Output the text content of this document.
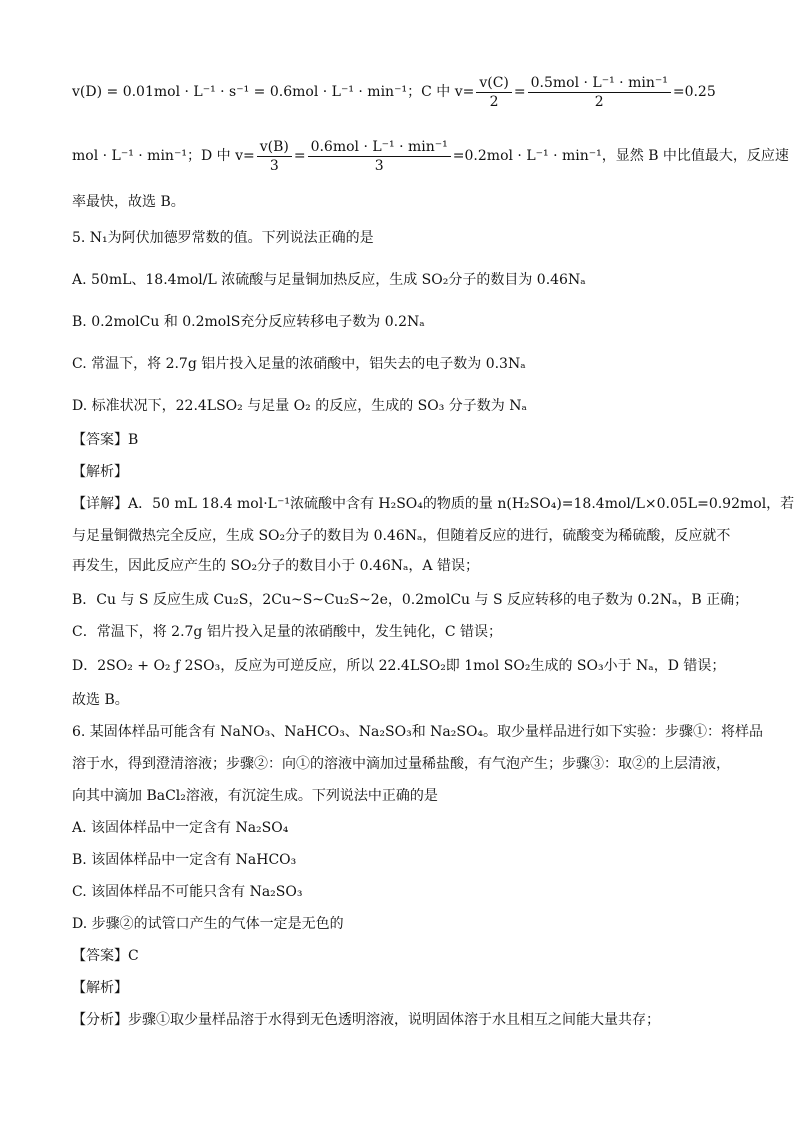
v(D) = 0.01mol · L⁻¹ · s⁻¹ = 0.6mol · L⁻¹ · min⁻¹；C 中 $v= \frac{v(C)}{2} = \frac{\text{0.5mol · L⁻¹ · min⁻¹}}{2} =0.25$
mol · L⁻¹ · min⁻¹；D 中 $v= \frac{v(B)}{3} = \frac{\text{0.6mol · L⁻¹ · min⁻¹}}{3} =0.2mol \cdot L^{-1} \cdot \min^{-1}$，显然 B 中比值最大，反应速
率最快，故选 B。
5. N₁为阿伏加德罗常数的值。下列说法正确的是
A. 50mL、18.4mol/L 浓硫酸与足量铜加热反应，生成 SO₂分子的数目为 0.46Nₐ
B. 0.2molCu 和 0.2molS充分反应转移电子数为 0.2Nₐ
C. 常温下，将 2.7g 铝片投入足量的浓硝酸中，铝失去的电子数为 0.3Nₐ
D. 标准状况下，22.4LSO₂ 与足量 O₂ 的反应，生成的 SO₃ 分子数为 Nₐ
【答案】B
【解析】
【详解】A．50 mL 18.4 mol·L⁻¹浓硫酸中含有 H₂SO₄的物质的量 n(H₂SO₄)=18.4mol/L×0.05L=0.92mol，若
与足量铜微热完全反应，生成 SO₂分子的数目为 0.46Nₐ，但随着反应的进行，硫酸变为稀硫酸，反应就不
再发生，因此反应产生的 SO₂分子的数目小于 0.46Nₐ，A 错误；
B．Cu 与 S 反应生成 Cu₂S，2Cu~S~Cu₂S~2e，0.2molCu 与 S 反应转移的电子数为 0.2Nₐ，B 正确；
C．常温下，将 2.7g 铝片投入足量的浓硝酸中，发生钝化，C 错误；
D．2SO₂ + O₂ ƒ 2SO₃，反应为可逆反应，所以 22.4LSO₂即 1mol SO₂生成的 SO₃小于 Nₐ，D 错误；
故选 B。
6. 某固体样品可能含有 NaNO₃、NaHCO₃、Na₂SO₃和 Na₂SO₄。取少量样品进行如下实验：步骤①：将样品
溶于水，得到澄清溶液；步骤②：向①的溶液中滴加过量稀盐酸，有气泡产生；步骤③：取②的上层清液，
向其中滴加 BaCl₂溶液，有沉淀生成。下列说法中正确的是
A. 该固体样品中一定含有 Na₂SO₄
B. 该固体样品中一定含有 NaHCO₃
C. 该固体样品不可能只含有 Na₂SO₃
D. 步骤②的试管口产生的气体一定是无色的
【答案】C
【解析】
【分析】步骤①取少量样品溶于水得到无色透明溶液，说明固体溶于水且相互之间能大量共存；
